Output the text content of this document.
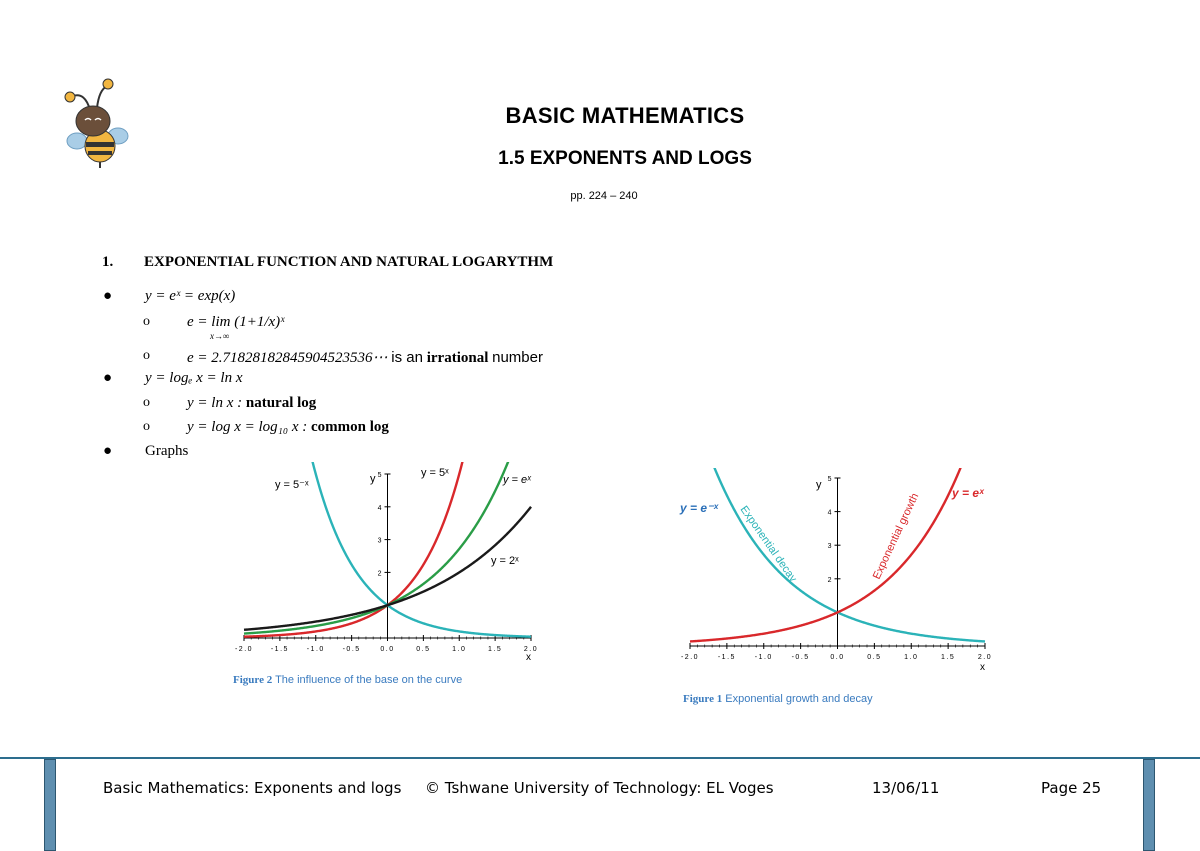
BASIC MATHEMATICS
1.5 EXPONENTS AND LOGS
pp. 224 – 240
1. EXPONENTIAL FUNCTION AND NATURAL LOGARYTHM
● y = eˣ = exp(x)
o e = lim (1+1/x)ˣ
x→∞
o e = 2.71828182845904523536⋯ is an irrational number
● y = logₑ x = ln x
o y = ln x : natural log
o y = log x = log₁₀ x : common log
● Graphs
-2.0	-1.5	-1.0	-0.5	0.0	0.5	1.0	1.5	2.0
2
3
4
5
y = 5⁻ˣ
y = 5ˣ
y = eˣ
y = 2ˣ
y
x
Figure 2 The influence of the base on the curve
-2.0	-1.5	-1.0	-0.5	0.0	0.5	1.0	1.5	2.0
2
3
4
5
y = e⁻ˣ
y = eˣ
Exponential decay	Exponential growth
y
x
Figure 1 Exponential growth and decay
Basic Mathematics: Exponents and logs © Tshwane University of Technology: EL Voges	13/06/11	Page 25
